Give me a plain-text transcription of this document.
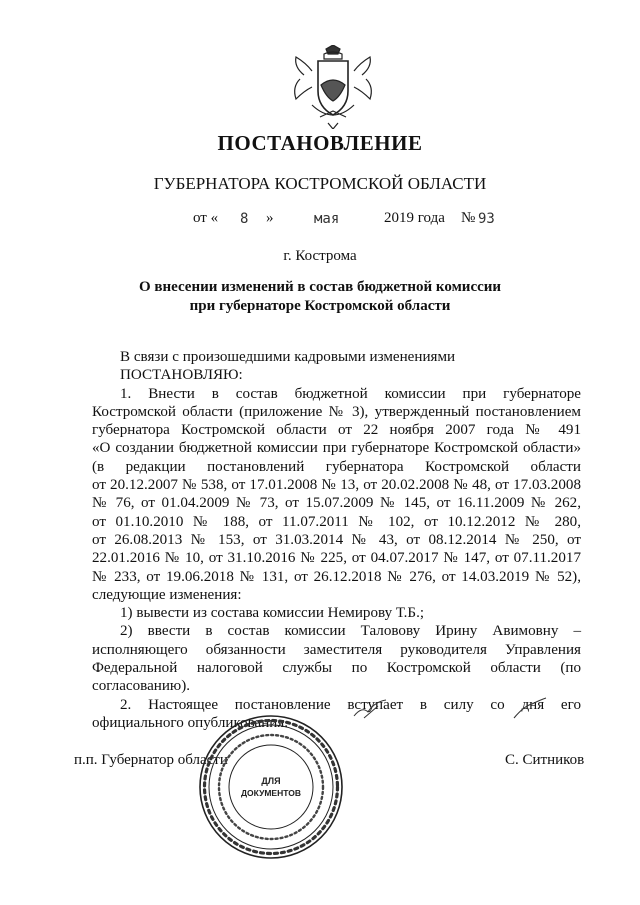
ПОСТАНОВЛЕНИЕ
ГУБЕРНАТОРА КОСТРОМСКОЙ ОБЛАСТИ
от « 8 »	мая	2019 года № 93
г. Кострома
О внесении изменений в состав бюджетной комиссии
при губернаторе Костромской области

В связи с произошедшими кадровыми изменениями

ПОСТАНОВЛЯЮ:

1. Внести в состав бюджетной комиссии при губернаторе

Костромской области (приложение № 3), утвержденный постановлением

губернатора Костромской области от 22 ноября 2007 года № 491

«О создании бюджетной комиссии при губернаторе Костромской области»

(в редакции постановлений губернатора Костромской области

от 20.12.2007 № 538, от 17.01.2008 № 13, от 20.02.2008 № 48, от 17.03.2008

№ 76, от 01.04.2009 № 73, от 15.07.2009 № 145, от 16.11.2009 № 262,

от 01.10.2010 № 188, от 11.07.2011 № 102, от 10.12.2012 № 280,

от 26.08.2013 № 153, от 31.03.2014 № 43, от 08.12.2014 № 250, от

22.01.2016 № 10, от 31.10.2016 № 225, от 04.07.2017 № 147, от 07.11.2017

№ 233, от 19.06.2018 № 131, от 26.12.2018 № 276, от 14.03.2019 № 52),

следующие изменения:

1) вывести из состава комиссии Немирову Т.Б.;

2) ввести в состав комиссии Таловову Ирину Авимовну –

исполняющего обязанности заместителя руководителя Управления

Федеральной налоговой службы по Костромской области (по

согласованию).

2. Настоящее постановление вступает в силу со дня его

официального опубликования.

п.п. Губернатор области	С. Ситников
ДЛЯ
ДОКУМЕНТОВ
